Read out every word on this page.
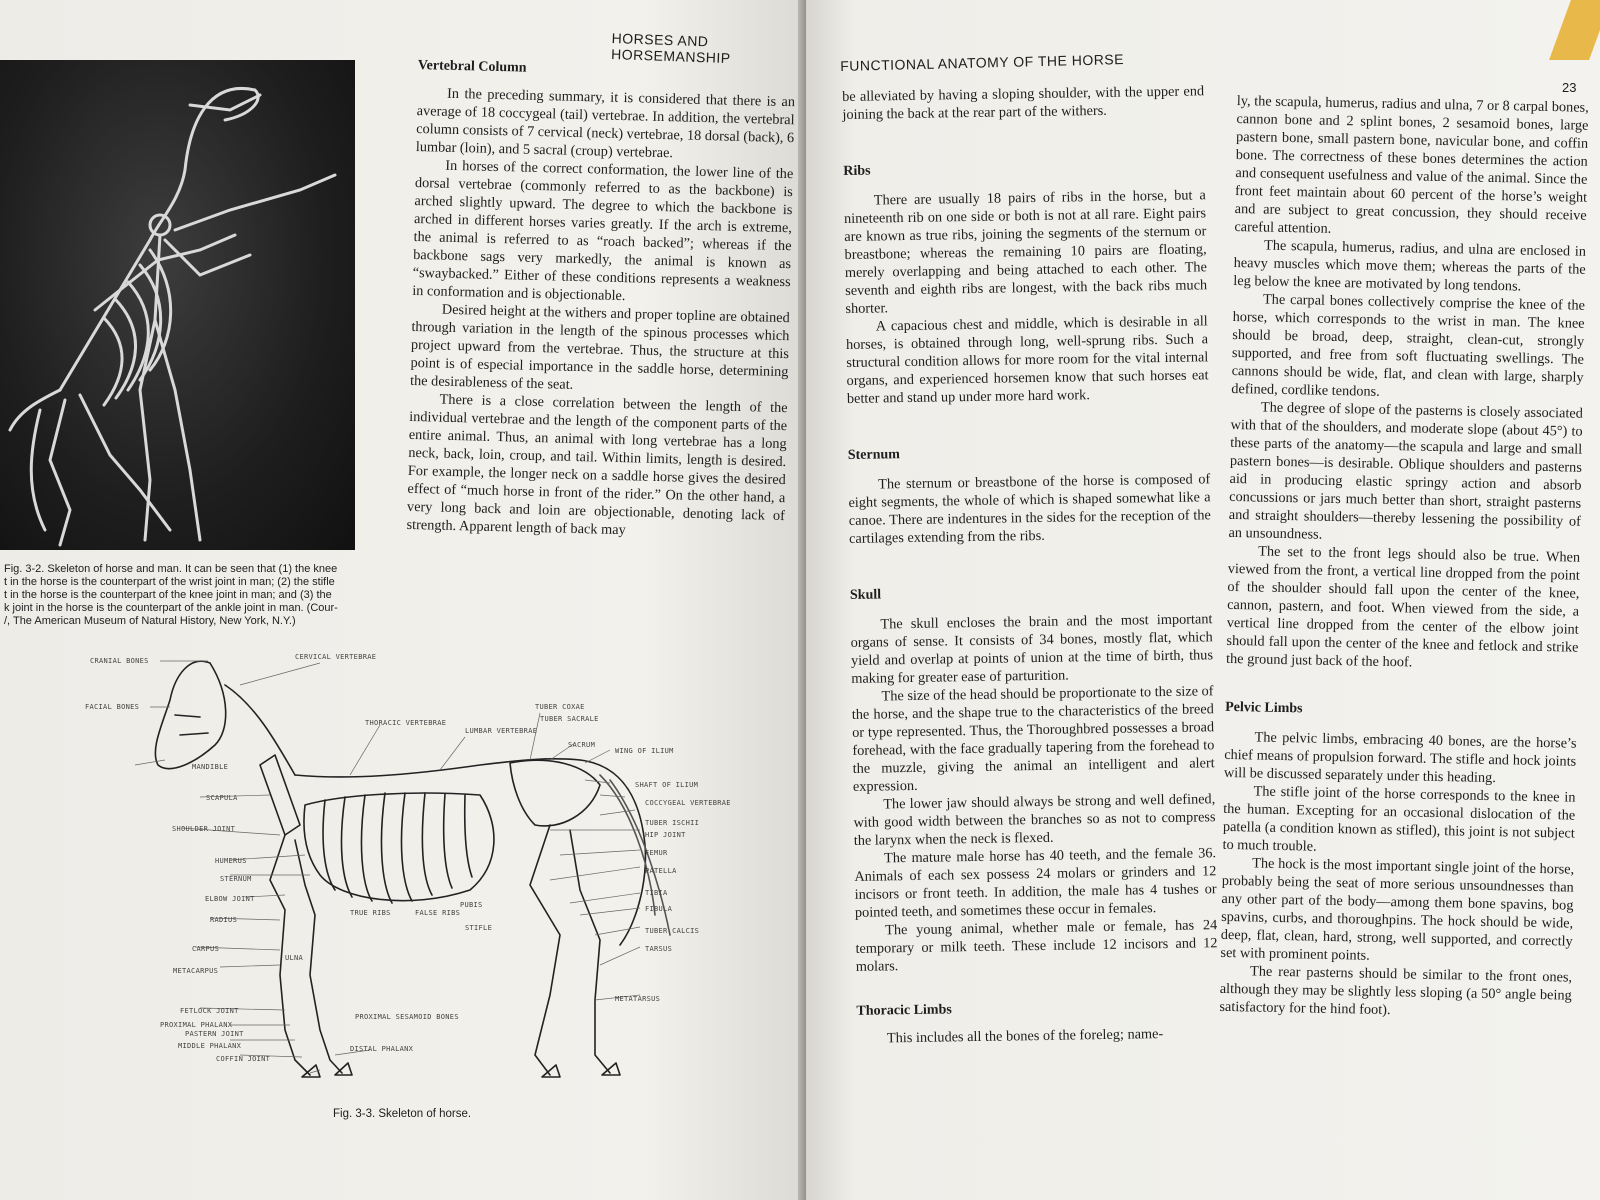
HORSES AND HORSEMANSHIP
Fig. 3-2. Skeleton of horse and man. It can be seen that (1) the knee
t in the horse is the counterpart of the wrist joint in man; (2) the stifle
t in the horse is the counterpart of the knee joint in man; and (3) the
k joint in the horse is the counterpart of the ankle joint in man. (Cour-
/, The American Museum of Natural History, New York, N.Y.)
Vertebral Column

In the preceding summary, it is considered that there is an average of 18 coccygeal (tail) vertebrae. In addition, the vertebral column consists of 7 cervical (neck) vertebrae, 18 dorsal (back), 6 lumbar (loin), and 5 sacral (croup) vertebrae.

In horses of the correct conformation, the lower line of the dorsal vertebrae (commonly referred to as the backbone) is arched slightly upward. The degree to which the backbone is arched in different horses varies greatly. If the arch is extreme, the animal is referred to as “roach backed”; whereas if the backbone sags very markedly, the animal is known as “swaybacked.” Either of these conditions represents a weakness in conformation and is objectionable.

Desired height at the withers and proper topline are obtained through variation in the length of the spinous processes which project upward from the vertebrae. Thus, the structure at this point is of especial importance in the saddle horse, determining the desirableness of the seat.

There is a close correlation between the length of the individual vertebrae and the length of the component parts of the entire animal. Thus, an animal with long vertebrae has a long neck, back, loin, croup, and tail. Within limits, length is desired. For example, the longer neck on a saddle horse gives the desired effect of “much horse in front of the rider.” On the other hand, a very long back and loin are objectionable, denoting lack of strength. Apparent length of back may

CRANIAL BONES	CERVICAL VERTEBRAE
FACIAL BONES	TUBER COXAE
TUBER SACRALE
THORACIC VERTEBRAE
LUMBAR VERTEBRAE
SACRUM
WING OF ILIUM
MANDIBLE
SHAFT OF ILIUM
SCAPULA
COCCYGEAL VERTEBRAE
TUBER ISCHII
SHOULDER JOINT
HIP JOINT
FEMUR
HUMERUS
PATELLA
STERNUM
ELBOW JOINT
TIBIA
FIBULA
RADIUS
TRUE RIBS	FALSE RIBS
PUBIS
STIFLE	TUBER CALCIS
CARPUS
ULNA
TARSUS
METACARPUS
METATARSUS
FETLOCK JOINT
PROXIMAL PHALANX
PASTERN JOINT
PROXIMAL SESAMOID BONES
MIDDLE PHALANX	DISTAL PHALANX
COFFIN JOINT
Fig. 3-3. Skeleton of horse.
FUNCTIONAL ANATOMY OF THE HORSE
23

be alleviated by having a sloping shoulder, with the upper end joining the back at the rear part of the withers.

Ribs

There are usually 18 pairs of ribs in the horse, but a nineteenth rib on one side or both is not at all rare. Eight pairs are known as true ribs, joining the segments of the sternum or breastbone; whereas the remaining 10 pairs are floating, merely overlapping and being attached to each other. The seventh and eighth ribs are longest, with the back ribs much shorter.

A capacious chest and middle, which is desirable in all horses, is obtained through long, well-sprung ribs. Such a structural condition allows for more room for the vital internal organs, and experienced horsemen know that such horses eat better and stand up under more hard work.

Sternum

The sternum or breastbone of the horse is composed of eight segments, the whole of which is shaped somewhat like a canoe. There are indentures in the sides for the reception of the cartilages extending from the ribs.

Skull

The skull encloses the brain and the most important organs of sense. It consists of 34 bones, mostly flat, which yield and overlap at points of union at the time of birth, thus making for greater ease of parturition.

The size of the head should be proportionate to the size of the horse, and the shape true to the characteristics of the breed or type represented. Thus, the Thoroughbred possesses a broad forehead, with the face gradually tapering from the forehead to the muzzle, giving the animal an intelligent and alert expression.

The lower jaw should always be strong and well defined, with good width between the branches so as not to compress the larynx when the neck is flexed.

The mature male horse has 40 teeth, and the female 36. Animals of each sex possess 24 molars or grinders and 12 incisors or front teeth. In addition, the male has 4 tushes or pointed teeth, and sometimes these occur in females.

The young animal, whether male or female, has 24 temporary or milk teeth. These include 12 incisors and 12 molars.

Thoracic Limbs

This includes all the bones of the foreleg; name-

ly, the scapula, humerus, radius and ulna, 7 or 8 carpal bones, cannon bone and 2 splint bones, 2 sesamoid bones, large pastern bone, small pastern bone, navicular bone, and coffin bone. The correctness of these bones determines the action and consequent usefulness and value of the animal. Since the front feet maintain about 60 percent of the horse’s weight and are subject to great concussion, they should receive careful attention.

The scapula, humerus, radius, and ulna are enclosed in heavy muscles which move them; whereas the parts of the leg below the knee are motivated by long tendons.

The carpal bones collectively comprise the knee of the horse, which corresponds to the wrist in man. The knee should be broad, deep, straight, clean-cut, strongly supported, and free from soft fluctuating swellings. The cannons should be wide, flat, and clean with large, sharply defined, cordlike tendons.

The degree of slope of the pasterns is closely associated with that of the shoulders, and moderate slope (about 45°) to these parts of the anatomy—the scapula and large and small pastern bones—is desirable. Oblique shoulders and pasterns aid in producing elastic springy action and absorb concussions or jars much better than short, straight pasterns and straight shoulders—thereby lessening the possibility of an unsoundness.

The set to the front legs should also be true. When viewed from the front, a vertical line dropped from the point of the shoulder should fall upon the center of the knee, cannon, pastern, and foot. When viewed from the side, a vertical line dropped from the center of the elbow joint should fall upon the center of the knee and fetlock and strike the ground just back of the hoof.

Pelvic Limbs

The pelvic limbs, embracing 40 bones, are the horse’s chief means of propulsion forward. The stifle and hock joints will be discussed separately under this heading.

The stifle joint of the horse corresponds to the knee in the human. Excepting for an occasional dislocation of the patella (a condition known as stifled), this joint is not subject to much trouble.

The hock is the most important single joint of the horse, probably being the seat of more serious unsoundnesses than any other part of the body—among them bone spavins, bog spavins, curbs, and thoroughpins. The hock should be wide, deep, flat, clean, hard, strong, well supported, and correctly set with prominent points.

The rear pasterns should be similar to the front ones, although they may be slightly less sloping (a 50° angle being satisfactory for the hind foot).
